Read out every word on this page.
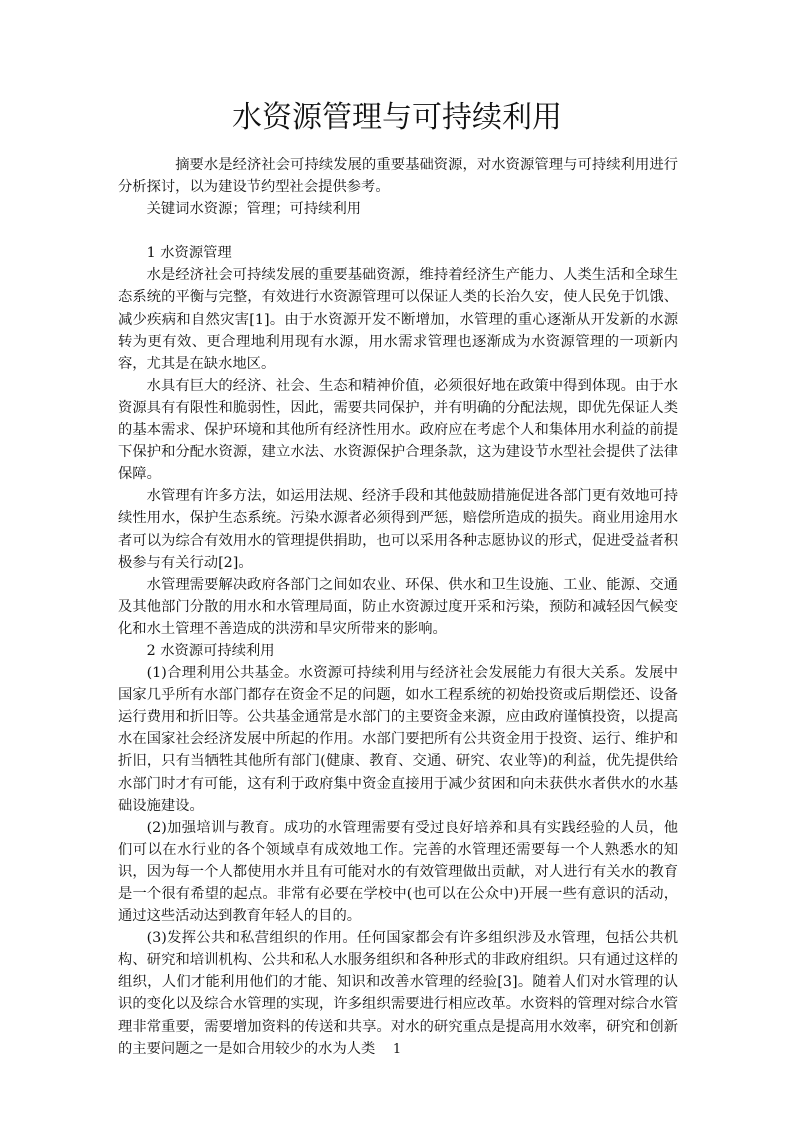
水资源管理与可持续利用

摘要水是经济社会可持续发展的重要基础资源，对水资源管理与可持续利用进行分析探讨，以为建设节约型社会提供参考。

关键词水资源；管理；可持续利用

1 水资源管理

水是经济社会可持续发展的重要基础资源，维持着经济生产能力、人类生活和全球生态系统的平衡与完整，有效进行水资源管理可以保证人类的长治久安，使人民免于饥饿、减少疾病和自然灾害[1]。由于水资源开发不断增加，水管理的重心逐渐从开发新的水源转为更有效、更合理地利用现有水源，用水需求管理也逐渐成为水资源管理的一项新内容，尤其是在缺水地区。

水具有巨大的经济、社会、生态和精神价值，必须很好地在政策中得到体现。由于水资源具有有限性和脆弱性，因此，需要共同保护，并有明确的分配法规，即优先保证人类的基本需求、保护环境和其他所有经济性用水。政府应在考虑个人和集体用水利益的前提下保护和分配水资源，建立水法、水资源保护合理条款，这为建设节水型社会提供了法律保障。

水管理有许多方法，如运用法规、经济手段和其他鼓励措施促进各部门更有效地可持续性用水，保护生态系统。污染水源者必须得到严惩，赔偿所造成的损失。商业用途用水者可以为综合有效用水的管理提供捐助，也可以采用各种志愿协议的形式，促进受益者积极参与有关行动[2]。

水管理需要解决政府各部门之间如农业、环保、供水和卫生设施、工业、能源、交通及其他部门分散的用水和水管理局面，防止水资源过度开采和污染，预防和减轻因气候变化和水土管理不善造成的洪涝和旱灾所带来的影响。

2 水资源可持续利用

(1)合理利用公共基金。水资源可持续利用与经济社会发展能力有很大关系。发展中国家几乎所有水部门都存在资金不足的问题，如水工程系统的初始投资或后期偿还、设备运行费用和折旧等。公共基金通常是水部门的主要资金来源，应由政府谨慎投资，以提高水在国家社会经济发展中所起的作用。水部门要把所有公共资金用于投资、运行、维护和折旧，只有当牺牲其他所有部门(健康、教育、交通、研究、农业等)的利益，优先提供给水部门时才有可能，这有利于政府集中资金直接用于减少贫困和向未获供水者供水的水基础设施建设。

(2)加强培训与教育。成功的水管理需要有受过良好培养和具有实践经验的人员，他们可以在水行业的各个领域卓有成效地工作。完善的水管理还需要每一个人熟悉水的知识，因为每一个人都使用水并且有可能对水的有效管理做出贡献，对人进行有关水的教育是一个很有希望的起点。非常有必要在学校中(也可以在公众中)开展一些有意识的活动，通过这些活动达到教育年轻人的目的。

(3)发挥公共和私营组织的作用。任何国家都会有许多组织涉及水管理，包括公共机构、研究和培训机构、公共和私人水服务组织和各种形式的非政府组织。只有通过这样的组织，人们才能利用他们的才能、知识和改善水管理的经验[3]。随着人们对水管理的认识的变化以及综合水管理的实现，许多组织需要进行相应改革。水资料的管理对综合水管理非常重要，需要增加资料的传送和共享。对水的研究重点是提高用水效率，研究和创新的主要问题之一是如合用较少的水为人类	1
